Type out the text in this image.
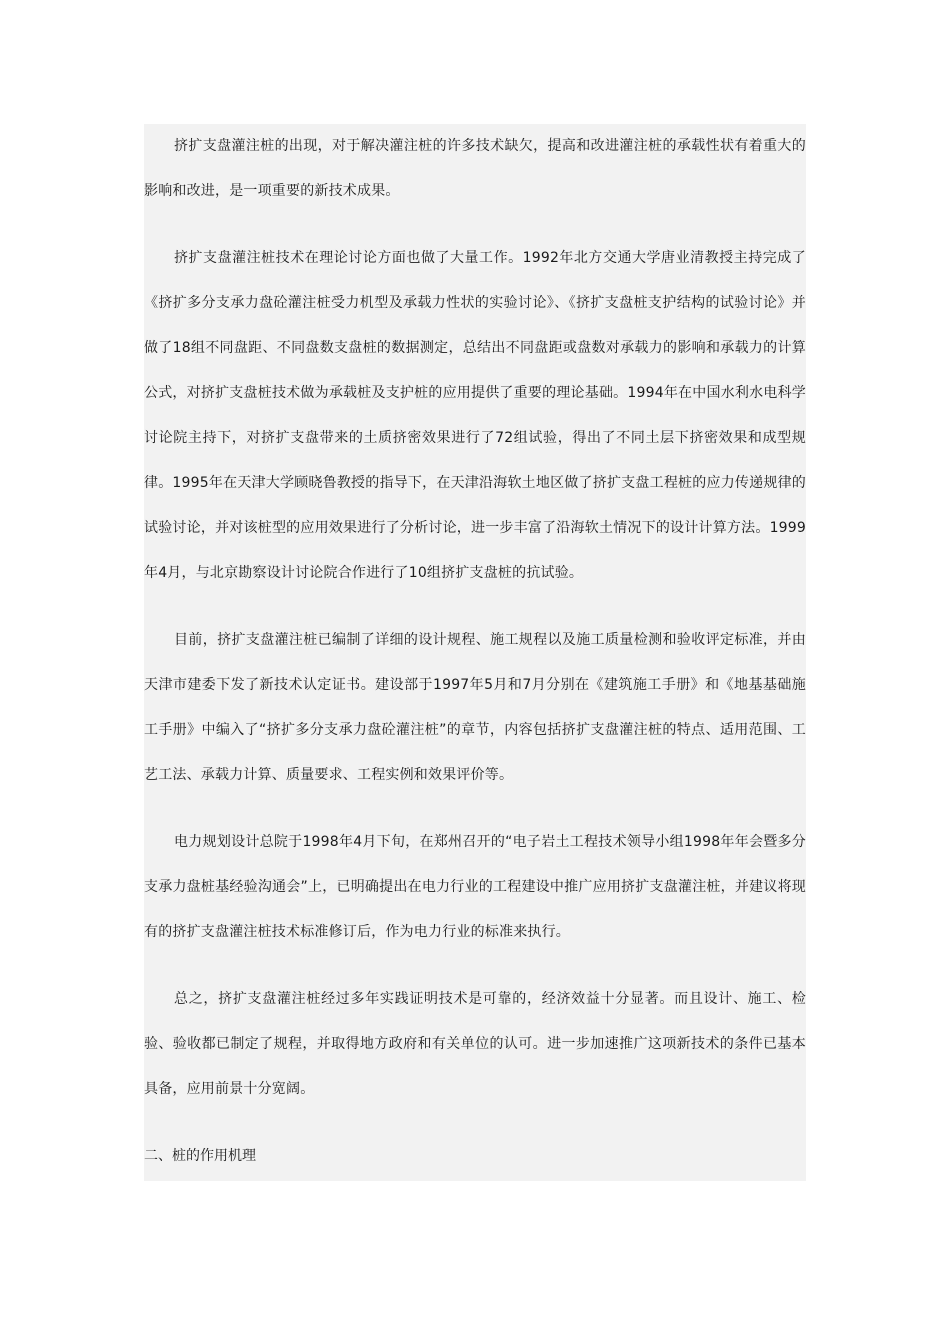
挤扩支盘灌注桩的出现，对于解决灌注桩的许多技术缺欠，提高和改进灌注桩的承载性状有着重大的影响和改进，是一项重要的新技术成果。

挤扩支盘灌注桩技术在理论讨论方面也做了大量工作。1992年北方交通大学唐业清教授主持完成了《挤扩多分支承力盘砼灌注桩受力机型及承载力性状的实验讨论》、《挤扩支盘桩支护结构的试验讨论》并做了18组不同盘距、不同盘数支盘桩的数据测定，总结出不同盘距或盘数对承载力的影响和承载力的计算公式，对挤扩支盘桩技术做为承载桩及支护桩的应用提供了重要的理论基础。1994年在中国水利水电科学讨论院主持下，对挤扩支盘带来的土质挤密效果进行了72组试验，得出了不同土层下挤密效果和成型规律。1995年在天津大学顾晓鲁教授的指导下，在天津沿海软土地区做了挤扩支盘工程桩的应力传递规律的试验讨论，并对该桩型的应用效果进行了分析讨论，进一步丰富了沿海软土情况下的设计计算方法。1999年4月，与北京勘察设计讨论院合作进行了10组挤扩支盘桩的抗试验。

目前，挤扩支盘灌注桩已编制了详细的设计规程、施工规程以及施工质量检测和验收评定标准，并由天津市建委下发了新技术认定证书。建设部于1997年5月和7月分别在《建筑施工手册》和《地基基础施工手册》中编入了“挤扩多分支承力盘砼灌注桩”的章节，内容包括挤扩支盘灌注桩的特点、适用范围、工艺工法、承载力计算、质量要求、工程实例和效果评价等。

电力规划设计总院于1998年4月下旬，在郑州召开的“电子岩土工程技术领导小组1998年年会暨多分支承力盘桩基经验沟通会”上，已明确提出在电力行业的工程建设中推广应用挤扩支盘灌注桩，并建议将现有的挤扩支盘灌注桩技术标准修订后，作为电力行业的标准来执行。

总之，挤扩支盘灌注桩经过多年实践证明技术是可靠的，经济效益十分显著。而且设计、施工、检验、验收都已制定了规程，并取得地方政府和有关单位的认可。进一步加速推广这项新技术的条件已基本具备，应用前景十分宽阔。

二、桩的作用机理
